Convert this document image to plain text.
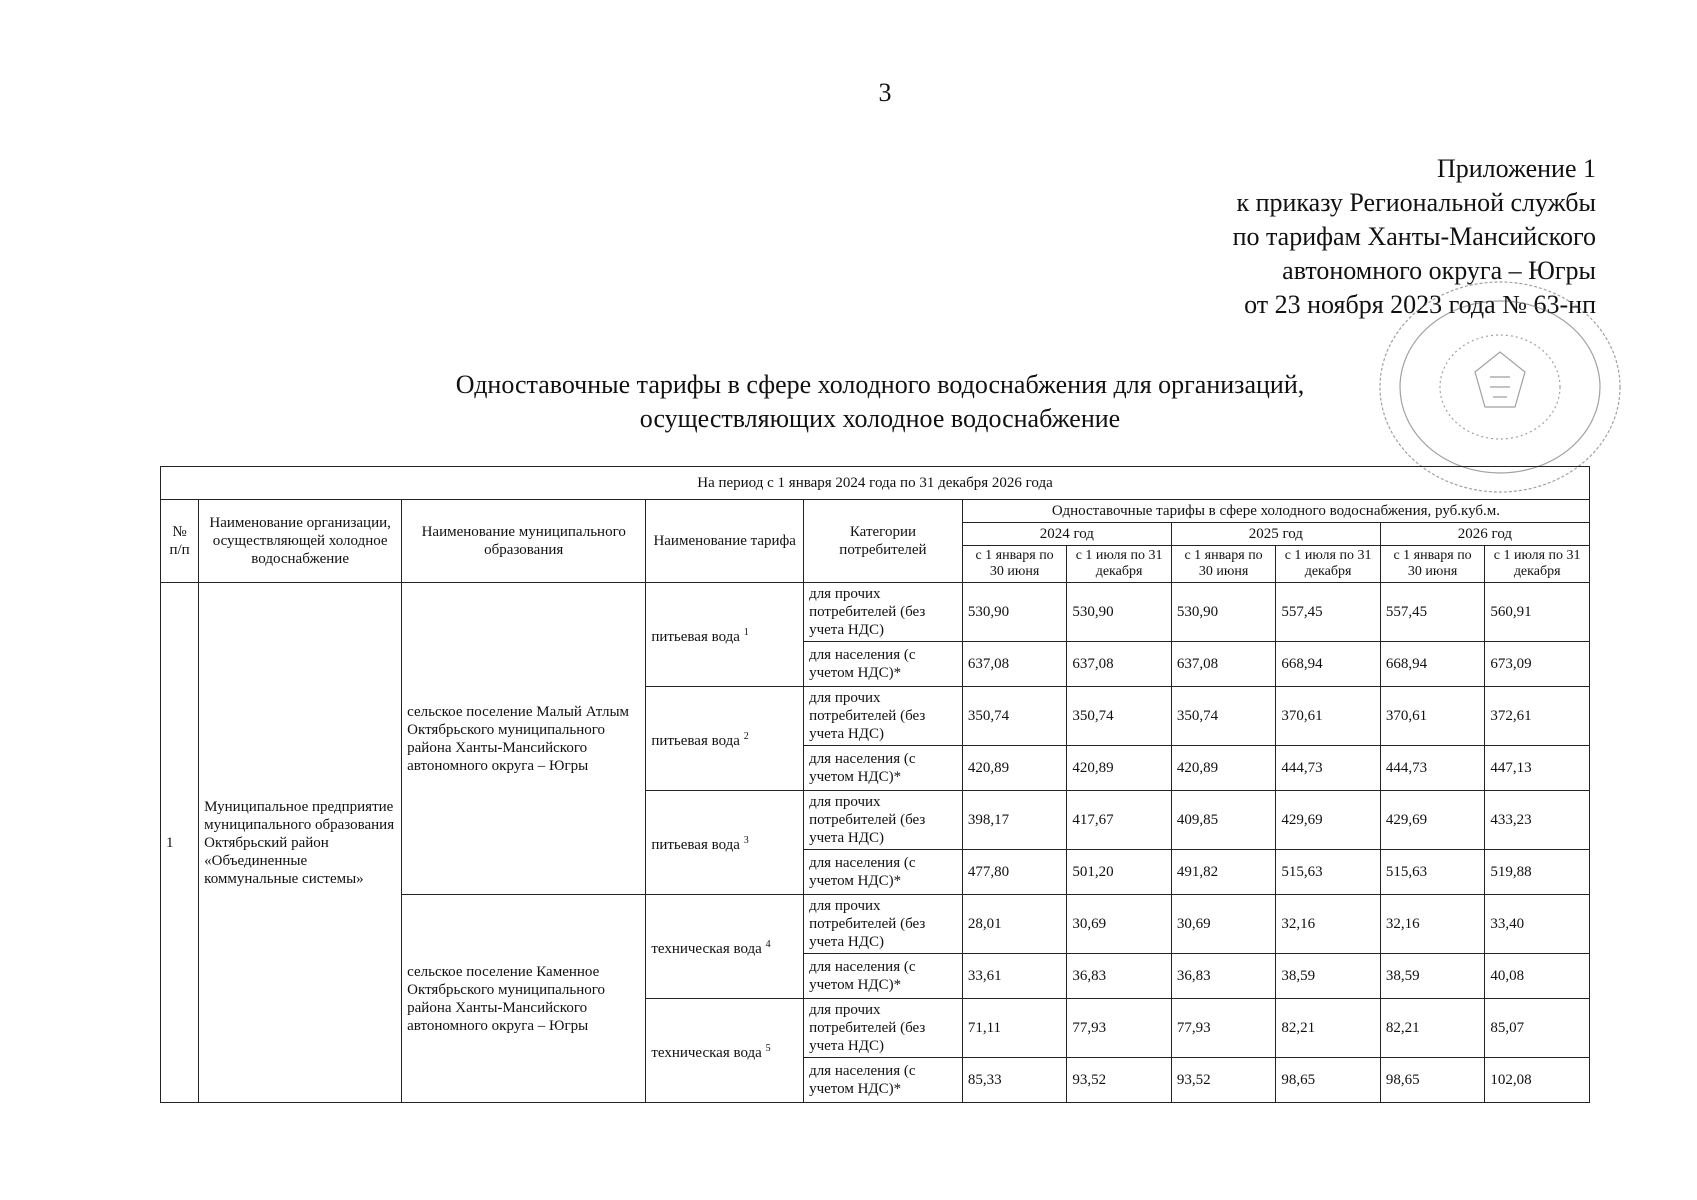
3
Приложение 1
к приказу Региональной службы
по тарифам Ханты-Мансийского
автономного округа – Югры
от 23 ноября 2023 года № 63-нп
Одноставочные тарифы в сфере холодного водоснабжения для организаций,
осуществляющих холодное водоснабжение
На период с 1 января 2024 года по 31 декабря 2026 года										
№ п/п	Наименование организации, осуществляющей холодное водоснабжение	Наименование муниципального образования	Наименование тарифа	Категории потребителей	Одноставочные тарифы в сфере холодного водоснабжения, руб.куб.м.					
					2024 год		2025 год		2026 год	
					с 1 января по 30 июня	с 1 июля по 31 декабря	с 1 января по 30 июня	с 1 июля по 31 декабря	с 1 января по 30 июня	с 1 июля по 31 декабря
1	Муниципальное предприятие муниципального образования Октябрьский район «Объединенные коммунальные системы»	сельское поселение Малый Атлым Октябрьского муниципального района Ханты-Мансийского автономного округа – Югры	питьевая вода $^1$	для прочих потребителей (без учета НДС)	530,90	530,90	530,90	557,45	557,45	560,91
				для населения (с учетом НДС)*	637,08	637,08	637,08	668,94	668,94	673,09
			питьевая вода $^2$	для прочих потребителей (без учета НДС)	350,74	350,74	350,74	370,61	370,61	372,61
				для населения (с учетом НДС)*	420,89	420,89	420,89	444,73	444,73	447,13
			питьевая вода $^3$	для прочих потребителей (без учета НДС)	398,17	417,67	409,85	429,69	429,69	433,23
				для населения (с учетом НДС)*	477,80	501,20	491,82	515,63	515,63	519,88
		сельское поселение Каменное Октябрьского муниципального района Ханты-Мансийского автономного округа – Югры	техническая вода $^4$	для прочих потребителей (без учета НДС)	28,01	30,69	30,69	32,16	32,16	33,40
				для населения (с учетом НДС)*	33,61	36,83	36,83	38,59	38,59	40,08
			техническая вода $^5$	для прочих потребителей (без учета НДС)	71,11	77,93	77,93	82,21	82,21	85,07
				для населения (с учетом НДС)*	85,33	93,52	93,52	98,65	98,65	102,08
